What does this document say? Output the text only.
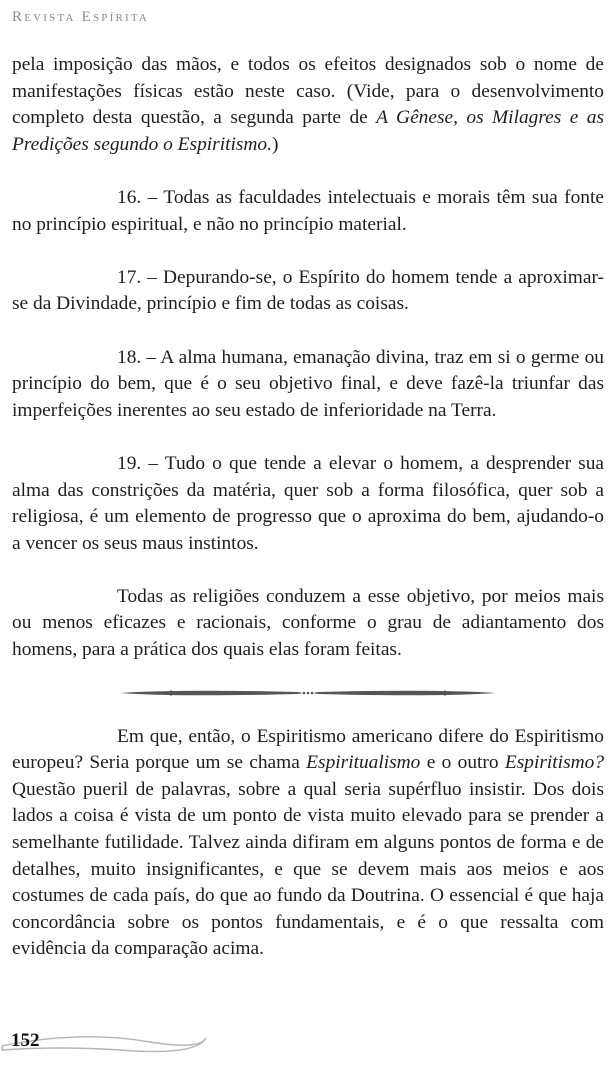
Revista Espírita

pela imposição das mãos, e todos os efeitos designados sob o nome de manifestações físicas estão neste caso. (Vide, para o desenvolvimento completo desta questão, a segunda parte de A Gênese, os Milagres e as Predições segundo o Espiritismo.)

16. – Todas as faculdades intelectuais e morais têm sua fonte no princípio espiritual, e não no princípio material.

17. – Depurando-se, o Espírito do homem tende a aproximar-se da Divindade, princípio e fim de todas as coisas.

18. – A alma humana, emanação divina, traz em si o germe ou princípio do bem, que é o seu objetivo final, e deve fazê-la triunfar das imperfeições inerentes ao seu estado de inferioridade na Terra.

19. – Tudo o que tende a elevar o homem, a desprender sua alma das constrições da matéria, quer sob a forma filosófica, quer sob a religiosa, é um elemento de progresso que o aproxima do bem, ajudando-o a vencer os seus maus instintos.

Todas as religiões conduzem a esse objetivo, por meios mais ou menos eficazes e racionais, conforme o grau de adiantamento dos homens, para a prática dos quais elas foram feitas.

Em que, então, o Espiritismo americano difere do Espiritismo europeu? Seria porque um se chama Espiritualismo e o outro Espiritismo? Questão pueril de palavras, sobre a qual seria supérfluo insistir. Dos dois lados a coisa é vista de um ponto de vista muito elevado para se prender a semelhante futilidade. Talvez ainda difiram em alguns pontos de forma e de detalhes, muito insignificantes, e que se devem mais aos meios e aos costumes de cada país, do que ao fundo da Doutrina. O essencial é que haja concordância sobre os pontos fundamentais, e é o que ressalta com evidência da comparação acima.

152
